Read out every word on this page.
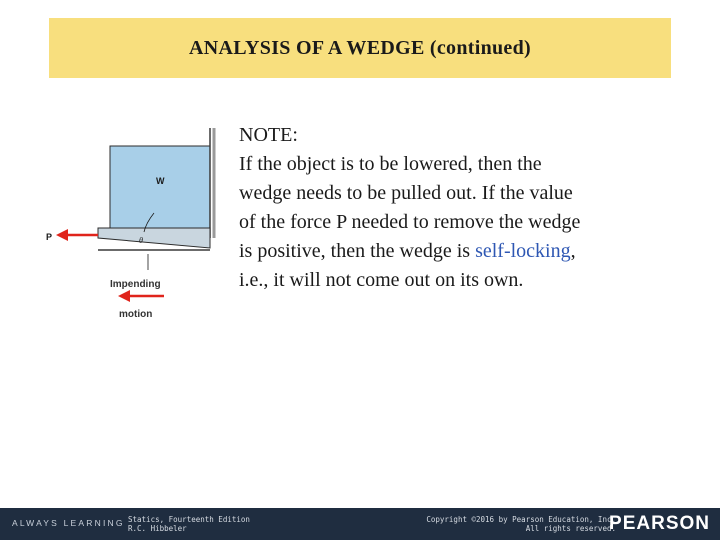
ANALYSIS OF A WEDGE (continued)
W
θ
P
Impending
motion

NOTE:

If the object is to be lowered, then the

wedge needs to be pulled out. If the value

of the force P needed to remove the wedge

is positive, then the wedge is self-locking,

i.e., it will not come out on its own.

ALWAYS LEARNING Statics, Fourteenth Edition
R.C. Hibbeler
Copyright ©2016 by Pearson Education, Inc.
All rights reserved.
PEARSON
